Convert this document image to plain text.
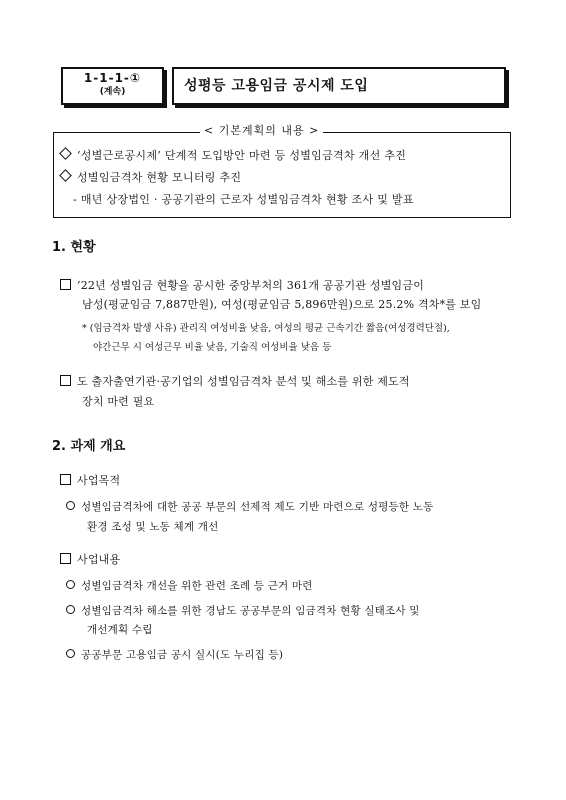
1-1-1-①
(계속)	성평등 고용임금 공시제 도입
< 기본계획의 내용 >
‘성별근로공시제’ 단계적 도입방안 마련 등 성별임금격차 개선 추진
성별임금격차 현황 모니터링 추진
- 매년 상장법인 · 공공기관의 근로자 성별임금격차 현황 조사 및 발표
1. 현황
’22년 성별임금 현황을 공시한 중앙부처의 361개 공공기관 성별임금이
남성(평균임금 7,887만원), 여성(평균임금 5,896만원)으로 25.2% 격차*를 보임
* (임금격차 발생 사유) 관리직 여성비율 낮음, 여성의 평균 근속기간 짧음(여성경력단절),
야간근무 시 여성근무 비율 낮음, 기술직 여성비율 낮음 등
도 출자출연기관·공기업의 성별임금격차 분석 및 해소를 위한 제도적
장치 마련 필요
2. 과제 개요
사업목적
성별임금격차에 대한 공공 부문의 선제적 제도 기반 마련으로 성평등한 노동
환경 조성 및 노동 체계 개선
사업내용
성별임금격차 개선을 위한 관련 조례 등 근거 마련
성별임금격차 해소를 위한 경남도 공공부문의 임금격차 현황 실태조사 및
개선계획 수립
공공부문 고용임금 공시 실시(도 누리집 등)
